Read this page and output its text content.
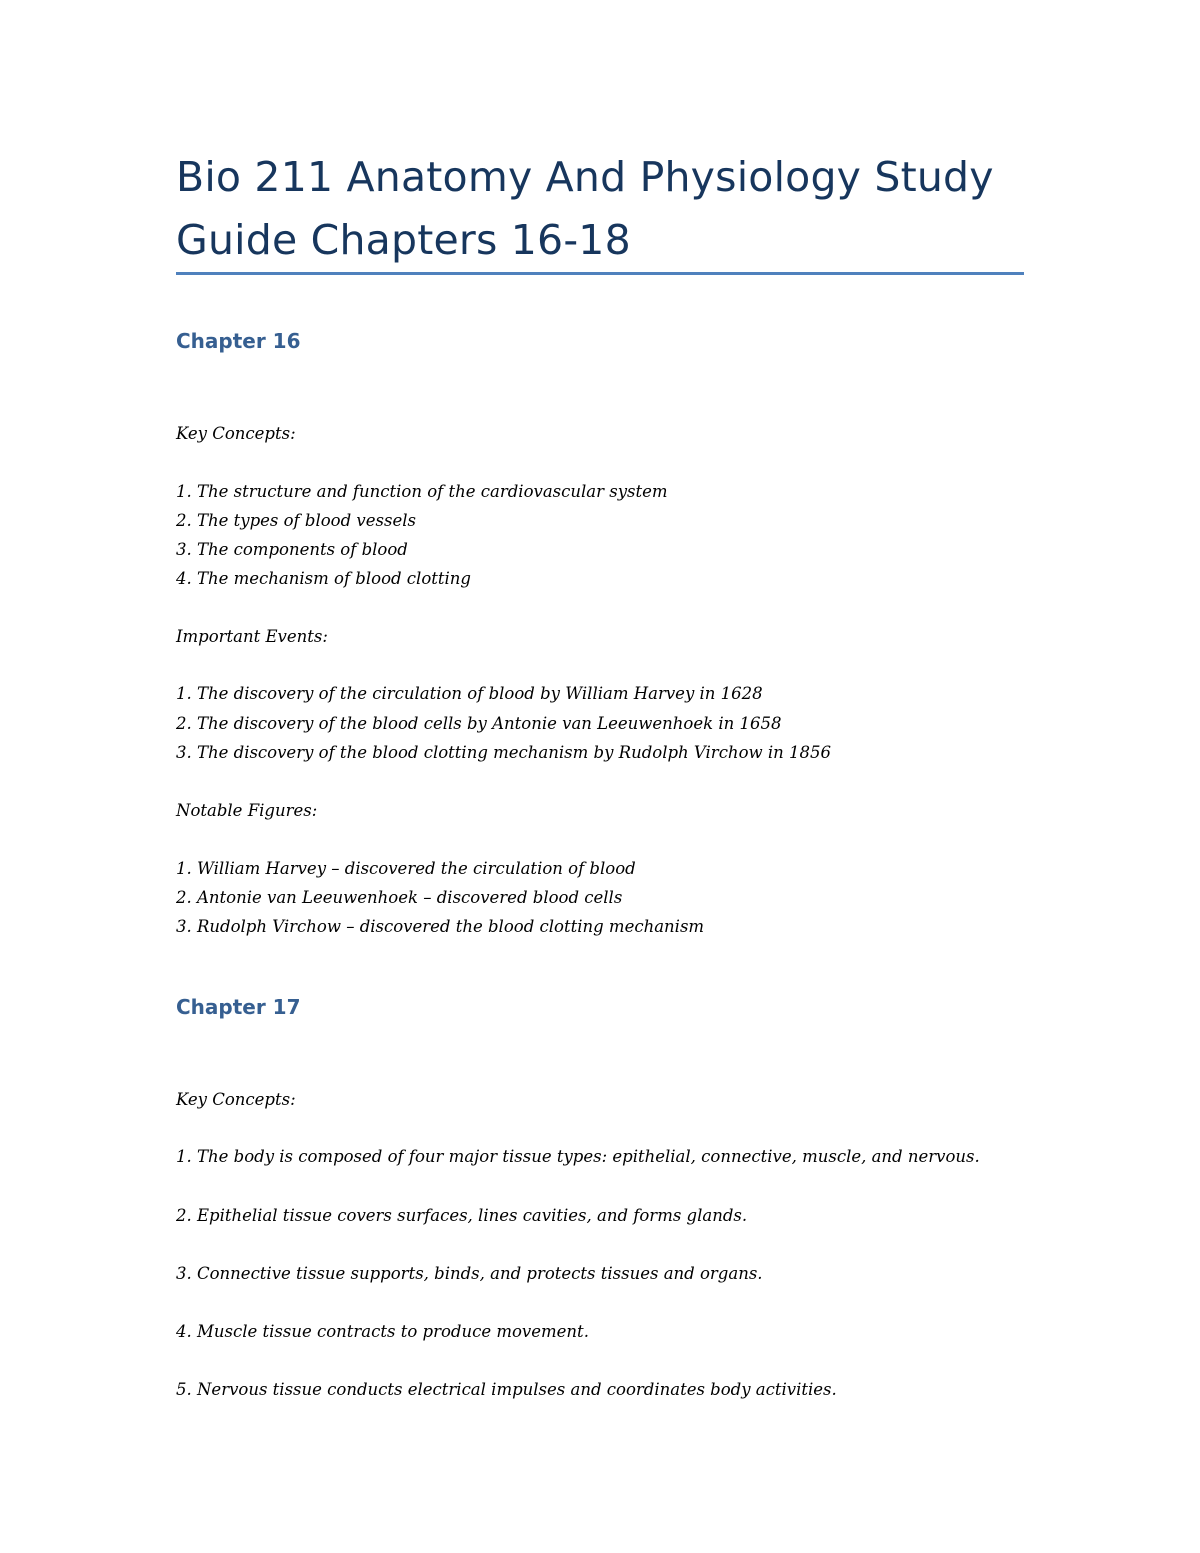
Bio 211 Anatomy And Physiology Study Guide Chapters 16-18
Chapter 16

Key Concepts:

1. The structure and function of the cardiovascular system

2. The types of blood vessels

3. The components of blood

4. The mechanism of blood clotting

Important Events:

1. The discovery of the circulation of blood by William Harvey in 1628

2. The discovery of the blood cells by Antonie van Leeuwenhoek in 1658

3. The discovery of the blood clotting mechanism by Rudolph Virchow in 1856

Notable Figures:

1. William Harvey – discovered the circulation of blood

2. Antonie van Leeuwenhoek – discovered blood cells

3. Rudolph Virchow – discovered the blood clotting mechanism

Chapter 17

Key Concepts:

1. The body is composed of four major tissue types: epithelial, connective, muscle, and nervous.

2. Epithelial tissue covers surfaces, lines cavities, and forms glands.

3. Connective tissue supports, binds, and protects tissues and organs.

4. Muscle tissue contracts to produce movement.

5. Nervous tissue conducts electrical impulses and coordinates body activities.
